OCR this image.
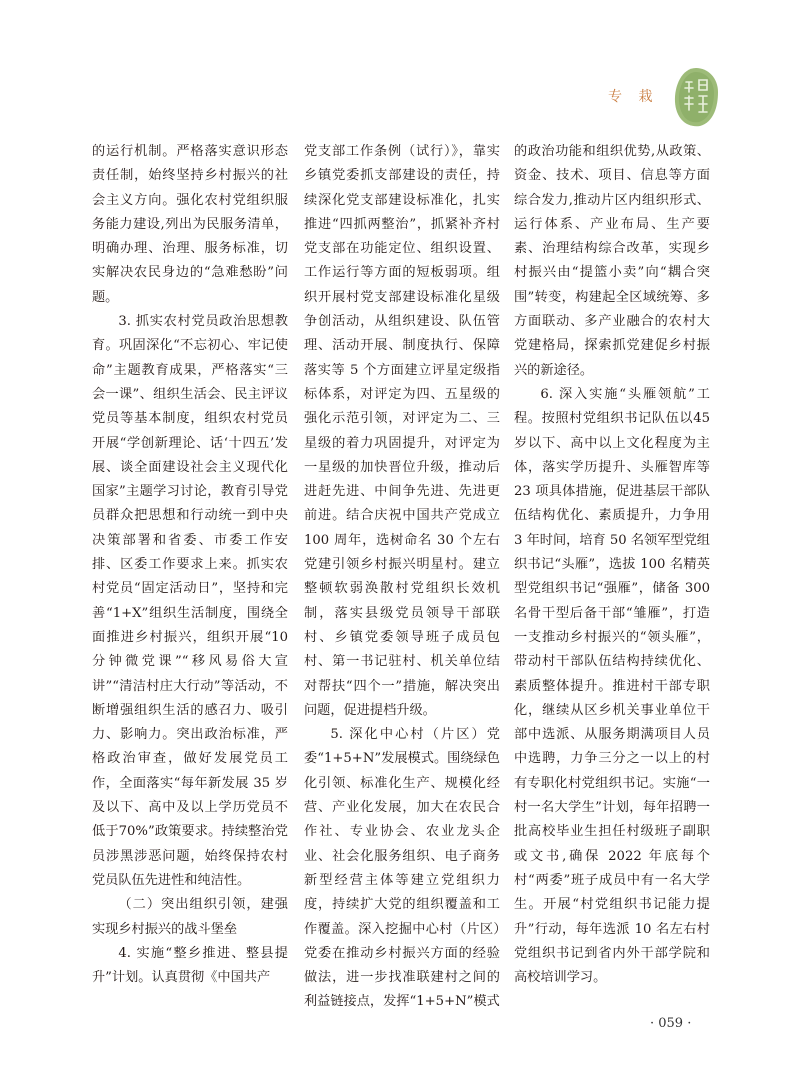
专 栽

的运行机制。严格落实意识形态责任制，始终坚持乡村振兴的社会主义方向。强化农村党组织服务能力建设,列出为民服务清单，明确办理、治理、服务标准，切实解决农民身边的“急难愁盼”问题。

3. 抓实农村党员政治思想教育。巩固深化“不忘初心、牢记使命”主题教育成果，严格落实“三会一课”、组织生活会、民主评议党员等基本制度，组织农村党员开展“学创新理论、话‘十四五’发展、谈全面建设社会主义现代化国家”主题学习讨论，教育引导党员群众把思想和行动统一到中央决策部署和省委、市委工作安排、区委工作要求上来。抓实农村党员“固定活动日”，坚持和完善“1+X”组织生活制度，围绕全面推进乡村振兴，组织开展“10 分钟微党课”“移风易俗大宣讲”“清洁村庄大行动”等活动，不断增强组织生活的感召力、吸引力、影响力。突出政治标准，严格政治审查，做好发展党员工作，全面落实“每年新发展 35 岁及以下、高中及以上学历党员不低于70%”政策要求。持续整治党员涉黑涉恶问题，始终保持农村党员队伍先进性和纯洁性。

（二）突出组织引领，建强实现乡村振兴的战斗堡垒

4. 实施“整乡推进、整县提升”计划。认真贯彻《中国共产

党支部工作条例（试行）》，靠实乡镇党委抓支部建设的责任，持续深化党支部建设标准化，扎实推进“四抓两整治”，抓紧补齐村党支部在功能定位、组织设置、工作运行等方面的短板弱项。组织开展村党支部建设标准化星级争创活动，从组织建设、队伍管理、活动开展、制度执行、保障落实等 5 个方面建立评星定级指标体系，对评定为四、五星级的强化示范引领，对评定为二、三星级的着力巩固提升，对评定为一星级的加快晋位升级，推动后进赶先进、中间争先进、先进更前进。结合庆祝中国共产党成立 100 周年，选树命名 30 个左右党建引领乡村振兴明星村。建立整顿软弱涣散村党组织长效机制，落实县级党员领导干部联村、乡镇党委领导班子成员包村、第一书记驻村、机关单位结对帮扶“四个一”措施，解决突出问题，促进提档升级。

5. 深化中心村（片区）党委“1+5+N”发展模式。围绕绿色化引领、标准化生产、规模化经营、产业化发展，加大在农民合作社、专业协会、农业龙头企业、社会化服务组织、电子商务新型经营主体等建立党组织力度，持续扩大党的组织覆盖和工作覆盖。深入挖掘中心村（片区）党委在推动乡村振兴方面的经验做法，进一步找准联建村之间的利益链接点，发挥“1+5+N”模式

的政治功能和组织优势,从政策、资金、技术、项目、信息等方面综合发力,推动片区内组织形式、运行体系、产业布局、生产要素、治理结构综合改革，实现乡村振兴由“提篮小卖”向“耦合突围”转变，构建起全区域统筹、多方面联动、多产业融合的农村大党建格局，探索抓党建促乡村振兴的新途径。

6. 深入实施“头雁领航”工程。按照村党组织书记队伍以45 岁以下、高中以上文化程度为主体，落实学历提升、头雁智库等 23 项具体措施，促进基层干部队伍结构优化、素质提升，力争用 3 年时间，培育 50 名领军型党组织书记“头雁”，选拔 100 名精英型党组织书记“强雁”，储备 300 名骨干型后备干部“雏雁”，打造一支推动乡村振兴的“领头雁”，带动村干部队伍结构持续优化、素质整体提升。推进村干部专职化，继续从区乡机关事业单位干部中选派、从服务期满项目人员中选聘，力争三分之一以上的村有专职化村党组织书记。实施“一村一名大学生”计划，每年招聘一批高校毕业生担任村级班子副职或文书,确保 2022 年底每个村“两委”班子成员中有一名大学生。开展“村党组织书记能力提升”行动，每年选派 10 名左右村党组织书记到省内外干部学院和高校培训学习。

· 059 ·
